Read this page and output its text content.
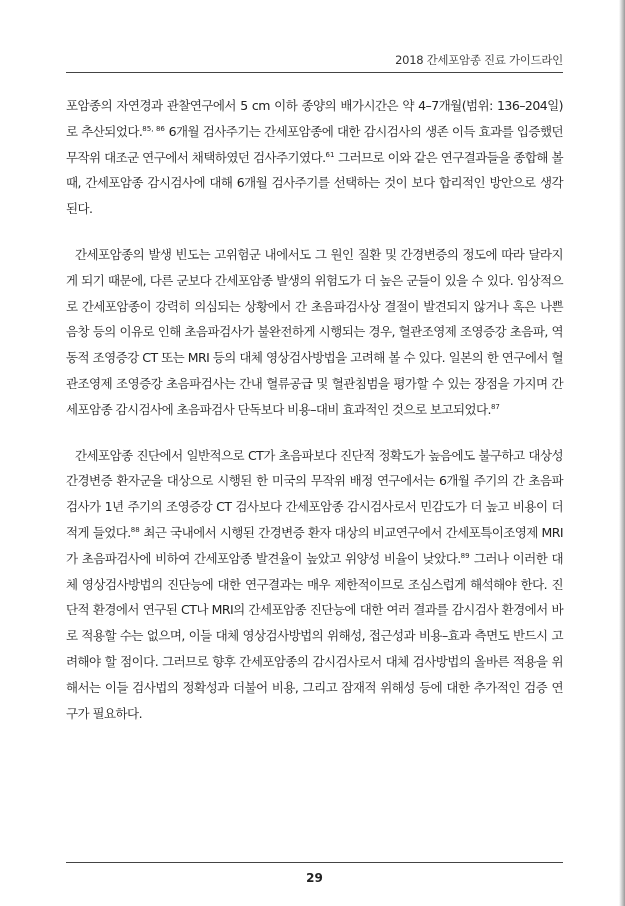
2018 간세포암종 진료 가이드라인

포암종의 자연경과 관찰연구에서 5 cm 이하 종양의 배가시간은 약 4–7개월(범위: 136–204일)로 추산되었다.$^{85, 86}$ 6개월 검사주기는 간세포암종에 대한 감시검사의 생존 이득 효과를 입증했던 무작위 대조군 연구에서 채택하였던 검사주기였다.$^{61}$ 그러므로 이와 같은 연구결과들을 종합해 볼때, 간세포암종 감시검사에 대해 6개월 검사주기를 선택하는 것이 보다 합리적인 방안으로 생각된다.

간세포암종의 발생 빈도는 고위험군 내에서도 그 원인 질환 및 간경변증의 정도에 따라 달라지게 되기 때문에, 다른 군보다 간세포암종 발생의 위험도가 더 높은 군들이 있을 수 있다. 임상적으로 간세포암종이 강력히 의심되는 상황에서 간 초음파검사상 결절이 발견되지 않거나 혹은 나쁜 음창 등의 이유로 인해 초음파검사가 불완전하게 시행되는 경우, 혈관조영제 조영증강 초음파, 역동적 조영증강 CT 또는 MRI 등의 대체 영상검사방법을 고려해 볼 수 있다. 일본의 한 연구에서 혈관조영제 조영증강 초음파검사는 간내 혈류공급 및 혈관침범을 평가할 수 있는 장점을 가지며 간세포암종 감시검사에 초음파검사 단독보다 비용–대비 효과적인 것으로 보고되었다.$^{87}$

간세포암종 진단에서 일반적으로 CT가 초음파보다 진단적 정확도가 높음에도 불구하고 대상성 간경변증 환자군을 대상으로 시행된 한 미국의 무작위 배정 연구에서는 6개월 주기의 간 초음파검사가 1년 주기의 조영증강 CT 검사보다 간세포암종 감시검사로서 민감도가 더 높고 비용이 더 적게 들었다.$^{88}$ 최근 국내에서 시행된 간경변증 환자 대상의 비교연구에서 간세포특이조영제 MRI가 초음파검사에 비하여 간세포암종 발견율이 높았고 위양성 비율이 낮았다.$^{89}$ 그러나 이러한 대체 영상검사방법의 진단능에 대한 연구결과는 매우 제한적이므로 조심스럽게 해석해야 한다. 진단적 환경에서 연구된 CT나 MRI의 간세포암종 진단능에 대한 여러 결과를 감시검사 환경에서 바로 적용할 수는 없으며, 이들 대체 영상검사방법의 위해성, 접근성과 비용–효과 측면도 반드시 고려해야 할 점이다. 그러므로 향후 간세포암종의 감시검사로서 대체 검사방법의 올바른 적용을 위해서는 이들 검사법의 정확성과 더불어 비용, 그리고 잠재적 위해성 등에 대한 추가적인 검증 연구가 필요하다.

29
